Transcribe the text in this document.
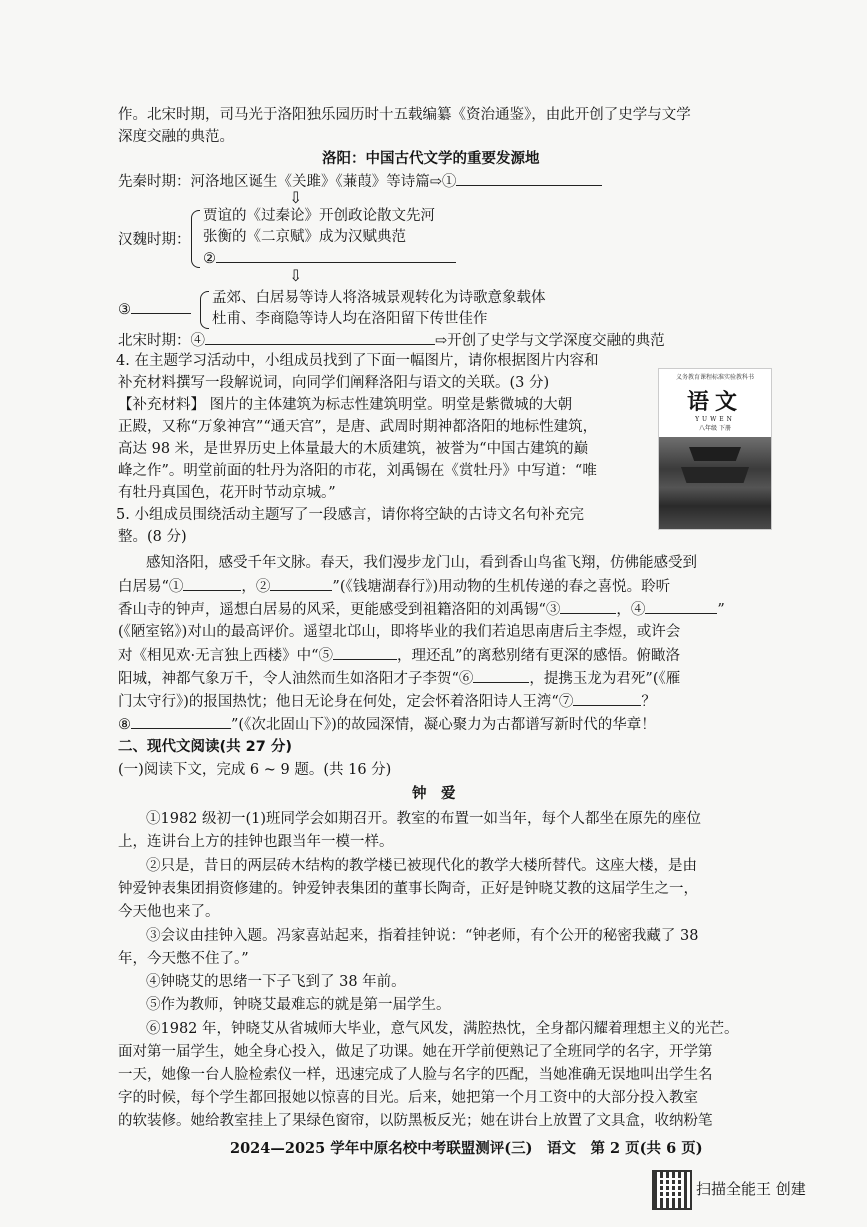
作。北宋时期，司马光于洛阳独乐园历时十五载编纂《资治通鉴》，由此开创了史学与文学
深度交融的典范。
洛阳：中国古代文学的重要发源地
先秦时期：河洛地区诞生《关雎》《蒹葭》等诗篇⇨①
⇩
汉魏时期：
贾谊的《过秦论》开创政论散文先河
张衡的《二京赋》成为汉赋典范
②
⇩
③
孟郊、白居易等诗人将洛城景观转化为诗歌意象载体
杜甫、李商隐等诗人均在洛阳留下传世佳作
北宋时期：④	⇨开创了史学与文学深度交融的典范
4. 在主题学习活动中，小组成员找到了下面一幅图片，请你根据图片内容和
补充材料撰写一段解说词，向同学们阐释洛阳与语文的关联。(3 分)
【补充材料】 图片的主体建筑为标志性建筑明堂。明堂是紫微城的大朝
正殿，又称“万象神宫”“通天宫”，是唐、武周时期神都洛阳的地标性建筑，
高达 98 米，是世界历史上体量最大的木质建筑，被誉为“中国古建筑的巅
峰之作”。明堂前面的牡丹为洛阳的市花，刘禹锡在《赏牡丹》中写道：“唯
有牡丹真国色，花开时节动京城。”
义务教育课程标准实验教科书
语文
YUWEN
八年级 下册
5. 小组成员围绕活动主题写了一段感言，请你将空缺的古诗文名句补充完
整。(8 分)
感知洛阳，感受千年文脉。春天，我们漫步龙门山，看到香山鸟雀飞翔，仿佛能感受到
白居易“①	，②	”(《钱塘湖春行》)用动物的生机传递的春之喜悦。聆听
香山寺的钟声，遥想白居易的风采，更能感受到祖籍洛阳的刘禹锡“③	，④	”
(《陋室铭》)对山的最高评价。遥望北邙山，即将毕业的我们若追思南唐后主李煜，或许会
对《相见欢·无言独上西楼》中“⑤	，理还乱”的离愁别绪有更深的感悟。俯瞰洛
阳城，神都气象万千，令人油然而生如洛阳才子李贺“⑥	，提携玉龙为君死”(《雁
门太守行》)的报国热忱；他日无论身在何处，定会怀着洛阳诗人王湾“⑦	？
⑧	”(《次北固山下》)的故园深情，凝心聚力为古都谱写新时代的华章！
二、现代文阅读(共 27 分)
(一)阅读下文，完成 6 ~ 9 题。(共 16 分)
钟　爱
①1982 级初一(1)班同学会如期召开。教室的布置一如当年，每个人都坐在原先的座位
上，连讲台上方的挂钟也跟当年一模一样。
②只是，昔日的两层砖木结构的教学楼已被现代化的教学大楼所替代。这座大楼，是由
钟爱钟表集团捐资修建的。钟爱钟表集团的董事长陶奇，正好是钟晓艾教的这届学生之一，
今天他也来了。
③会议由挂钟入题。冯家喜站起来，指着挂钟说：“钟老师，有个公开的秘密我藏了 38
年，今天憋不住了。”
④钟晓艾的思绪一下子飞到了 38 年前。
⑤作为教师，钟晓艾最难忘的就是第一届学生。
⑥1982 年，钟晓艾从省城师大毕业，意气风发，满腔热忱，全身都闪耀着理想主义的光芒。
面对第一届学生，她全身心投入，做足了功课。她在开学前便熟记了全班同学的名字，开学第
一天，她像一台人脸检索仪一样，迅速完成了人脸与名字的匹配，当她准确无误地叫出学生名
字的时候，每个学生都回报她以惊喜的目光。后来，她把第一个月工资中的大部分投入教室
的软装修。她给教室挂上了果绿色窗帘，以防黑板反光；她在讲台上放置了文具盒，收纳粉笔
2024—2025 学年中原名校中考联盟测评(三)　语文　第 2 页(共 6 页)
扫描全能王 创建
